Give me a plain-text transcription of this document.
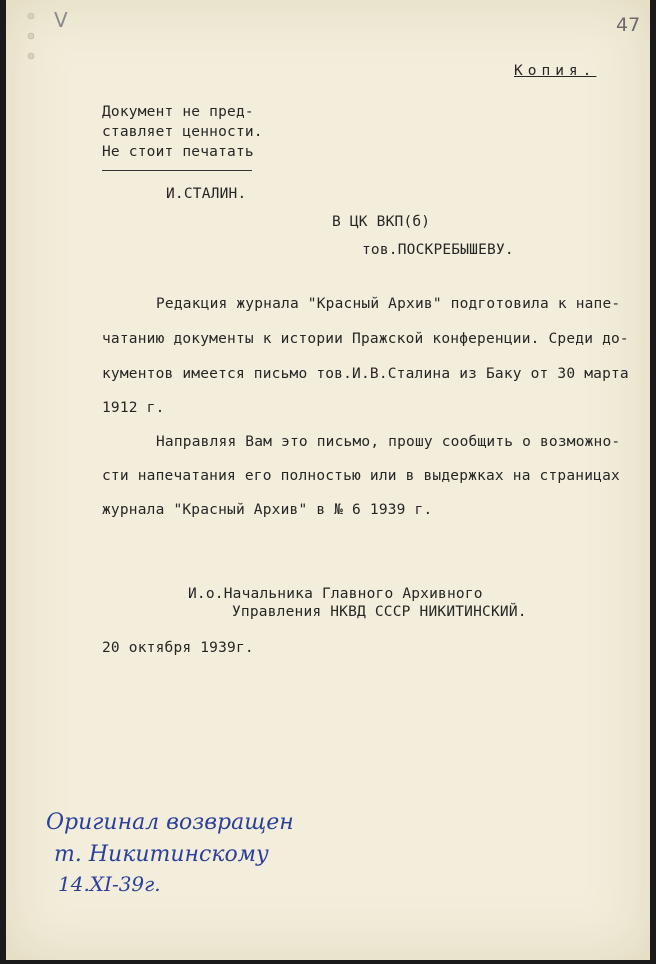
V	47
Копия.
Документ не пред-
ставляет ценности.
Не стоит печатать
И.СТАЛИН.
В ЦК ВКП(б)
тов.ПОСКРЕБЫШЕВУ.
Редакция журнала "Красный Архив" подготовила к напе-
чатанию документы к истории Пражской конференции. Среди до-
кументов имеется письмо тов.И.В.Сталина из Баку от 30 марта
1912 г.
Направляя Вам это письмо, прошу сообщить о возможно-
сти напечатания его полностью или в выдержках на страницах
журнала "Красный Архив" в № 6 1939 г.
И.о.Начальника Главного Архивного
Управления НКВД СССР НИКИТИНСКИЙ.
20 октября 1939г.
Оригинал возвращен
т. Никитинскому
14.XI-39г.
